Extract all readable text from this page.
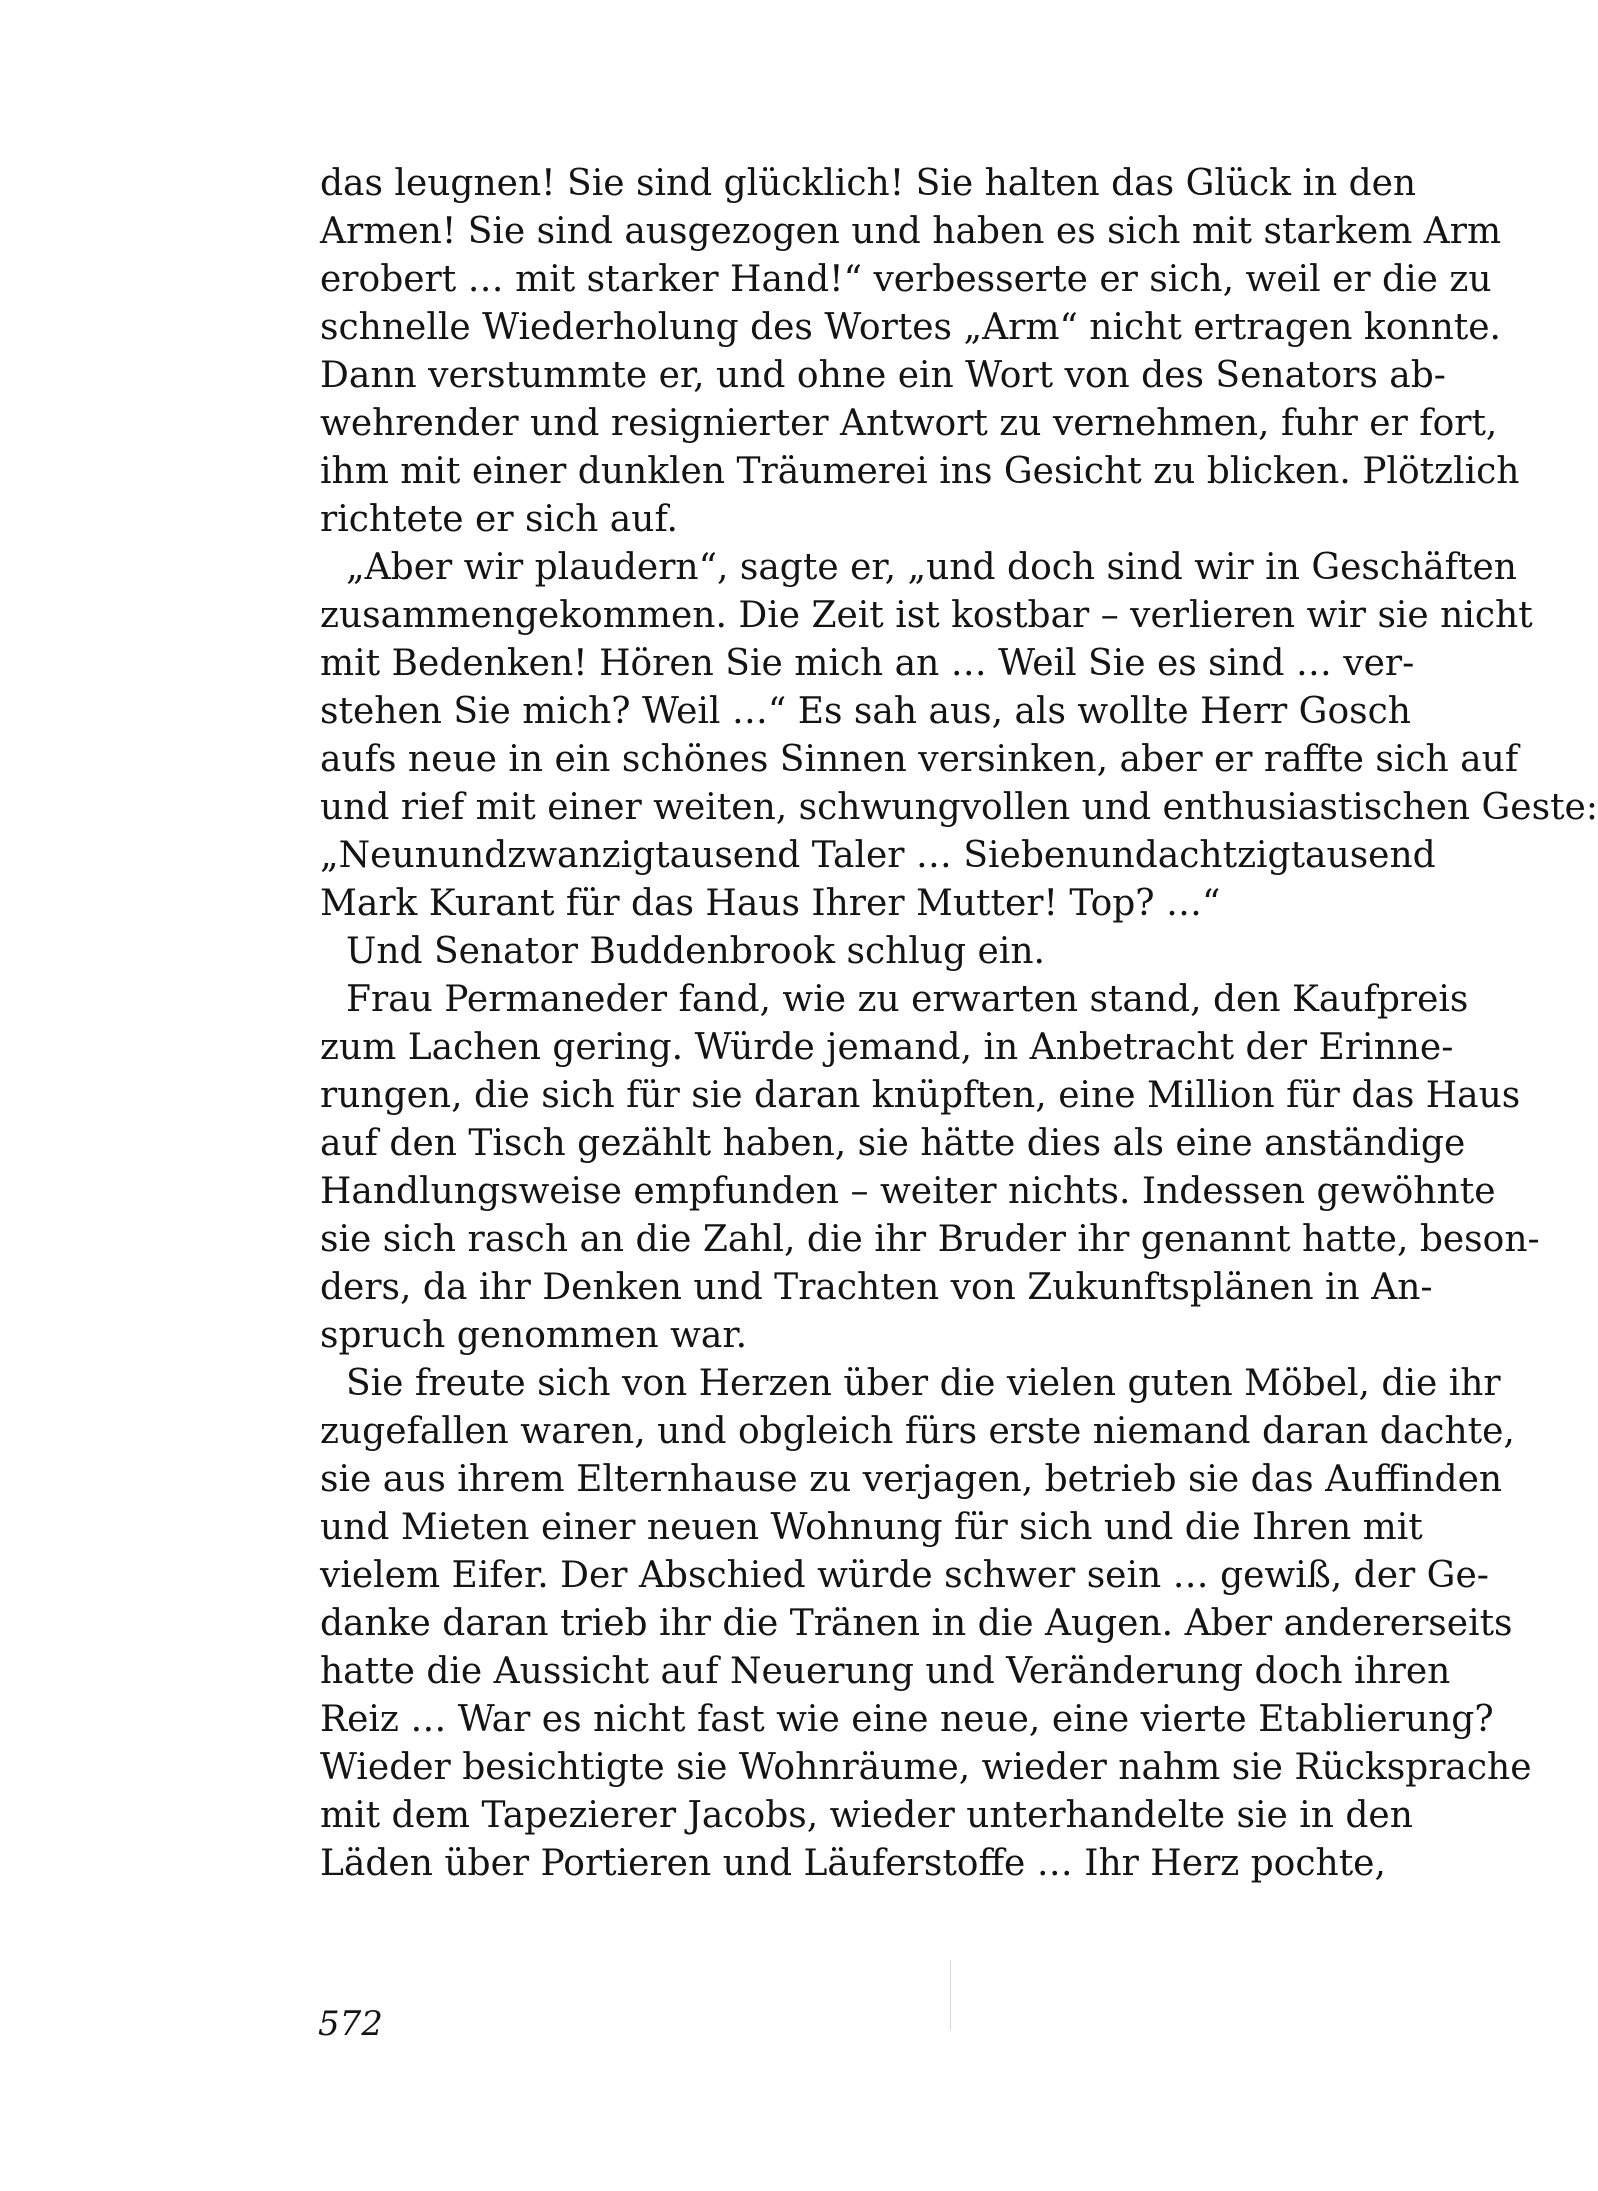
das leugnen! Sie sind glücklich! Sie halten das Glück in den
Armen! Sie sind ausgezogen und haben es sich mit starkem Arm
erobert … mit starker Hand!“ verbesserte er sich, weil er die zu
schnelle Wiederholung des Wortes „Arm“ nicht ertragen konnte.
Dann verstummte er, und ohne ein Wort von des Senators ab-
wehrender und resignierter Antwort zu vernehmen, fuhr er fort,
ihm mit einer dunklen Träumerei ins Gesicht zu blicken. Plötzlich
richtete er sich auf.
„Aber wir plaudern“, sagte er, „und doch sind wir in Geschäften
zusammengekommen. Die Zeit ist kostbar – verlieren wir sie nicht
mit Bedenken! Hören Sie mich an … Weil Sie es sind … ver-
stehen Sie mich? Weil …“ Es sah aus, als wollte Herr Gosch
aufs neue in ein schönes Sinnen versinken, aber er raffte sich auf
und rief mit einer weiten, schwungvollen und enthusiastischen Geste:
„Neunundzwanzigtausend Taler … Siebenundachtzigtausend
Mark Kurant für das Haus Ihrer Mutter! Top? …“
Und Senator Buddenbrook schlug ein.
Frau Permaneder fand, wie zu erwarten stand, den Kaufpreis
zum Lachen gering. Würde jemand, in Anbetracht der Erinne-
rungen, die sich für sie daran knüpften, eine Million für das Haus
auf den Tisch gezählt haben, sie hätte dies als eine anständige
Handlungsweise empfunden – weiter nichts. Indessen gewöhnte
sie sich rasch an die Zahl, die ihr Bruder ihr genannt hatte, beson-
ders, da ihr Denken und Trachten von Zukunftsplänen in An-
spruch genommen war.
Sie freute sich von Herzen über die vielen guten Möbel, die ihr
zugefallen waren, und obgleich fürs erste niemand daran dachte,
sie aus ihrem Elternhause zu verjagen, betrieb sie das Auffinden
und Mieten einer neuen Wohnung für sich und die Ihren mit
vielem Eifer. Der Abschied würde schwer sein … gewiß, der Ge-
danke daran trieb ihr die Tränen in die Augen. Aber andererseits
hatte die Aussicht auf Neuerung und Veränderung doch ihren
Reiz … War es nicht fast wie eine neue, eine vierte Etablierung?
Wieder besichtigte sie Wohnräume, wieder nahm sie Rücksprache
mit dem Tapezierer Jacobs, wieder unterhandelte sie in den
Läden über Portieren und Läuferstoffe … Ihr Herz pochte,
572
